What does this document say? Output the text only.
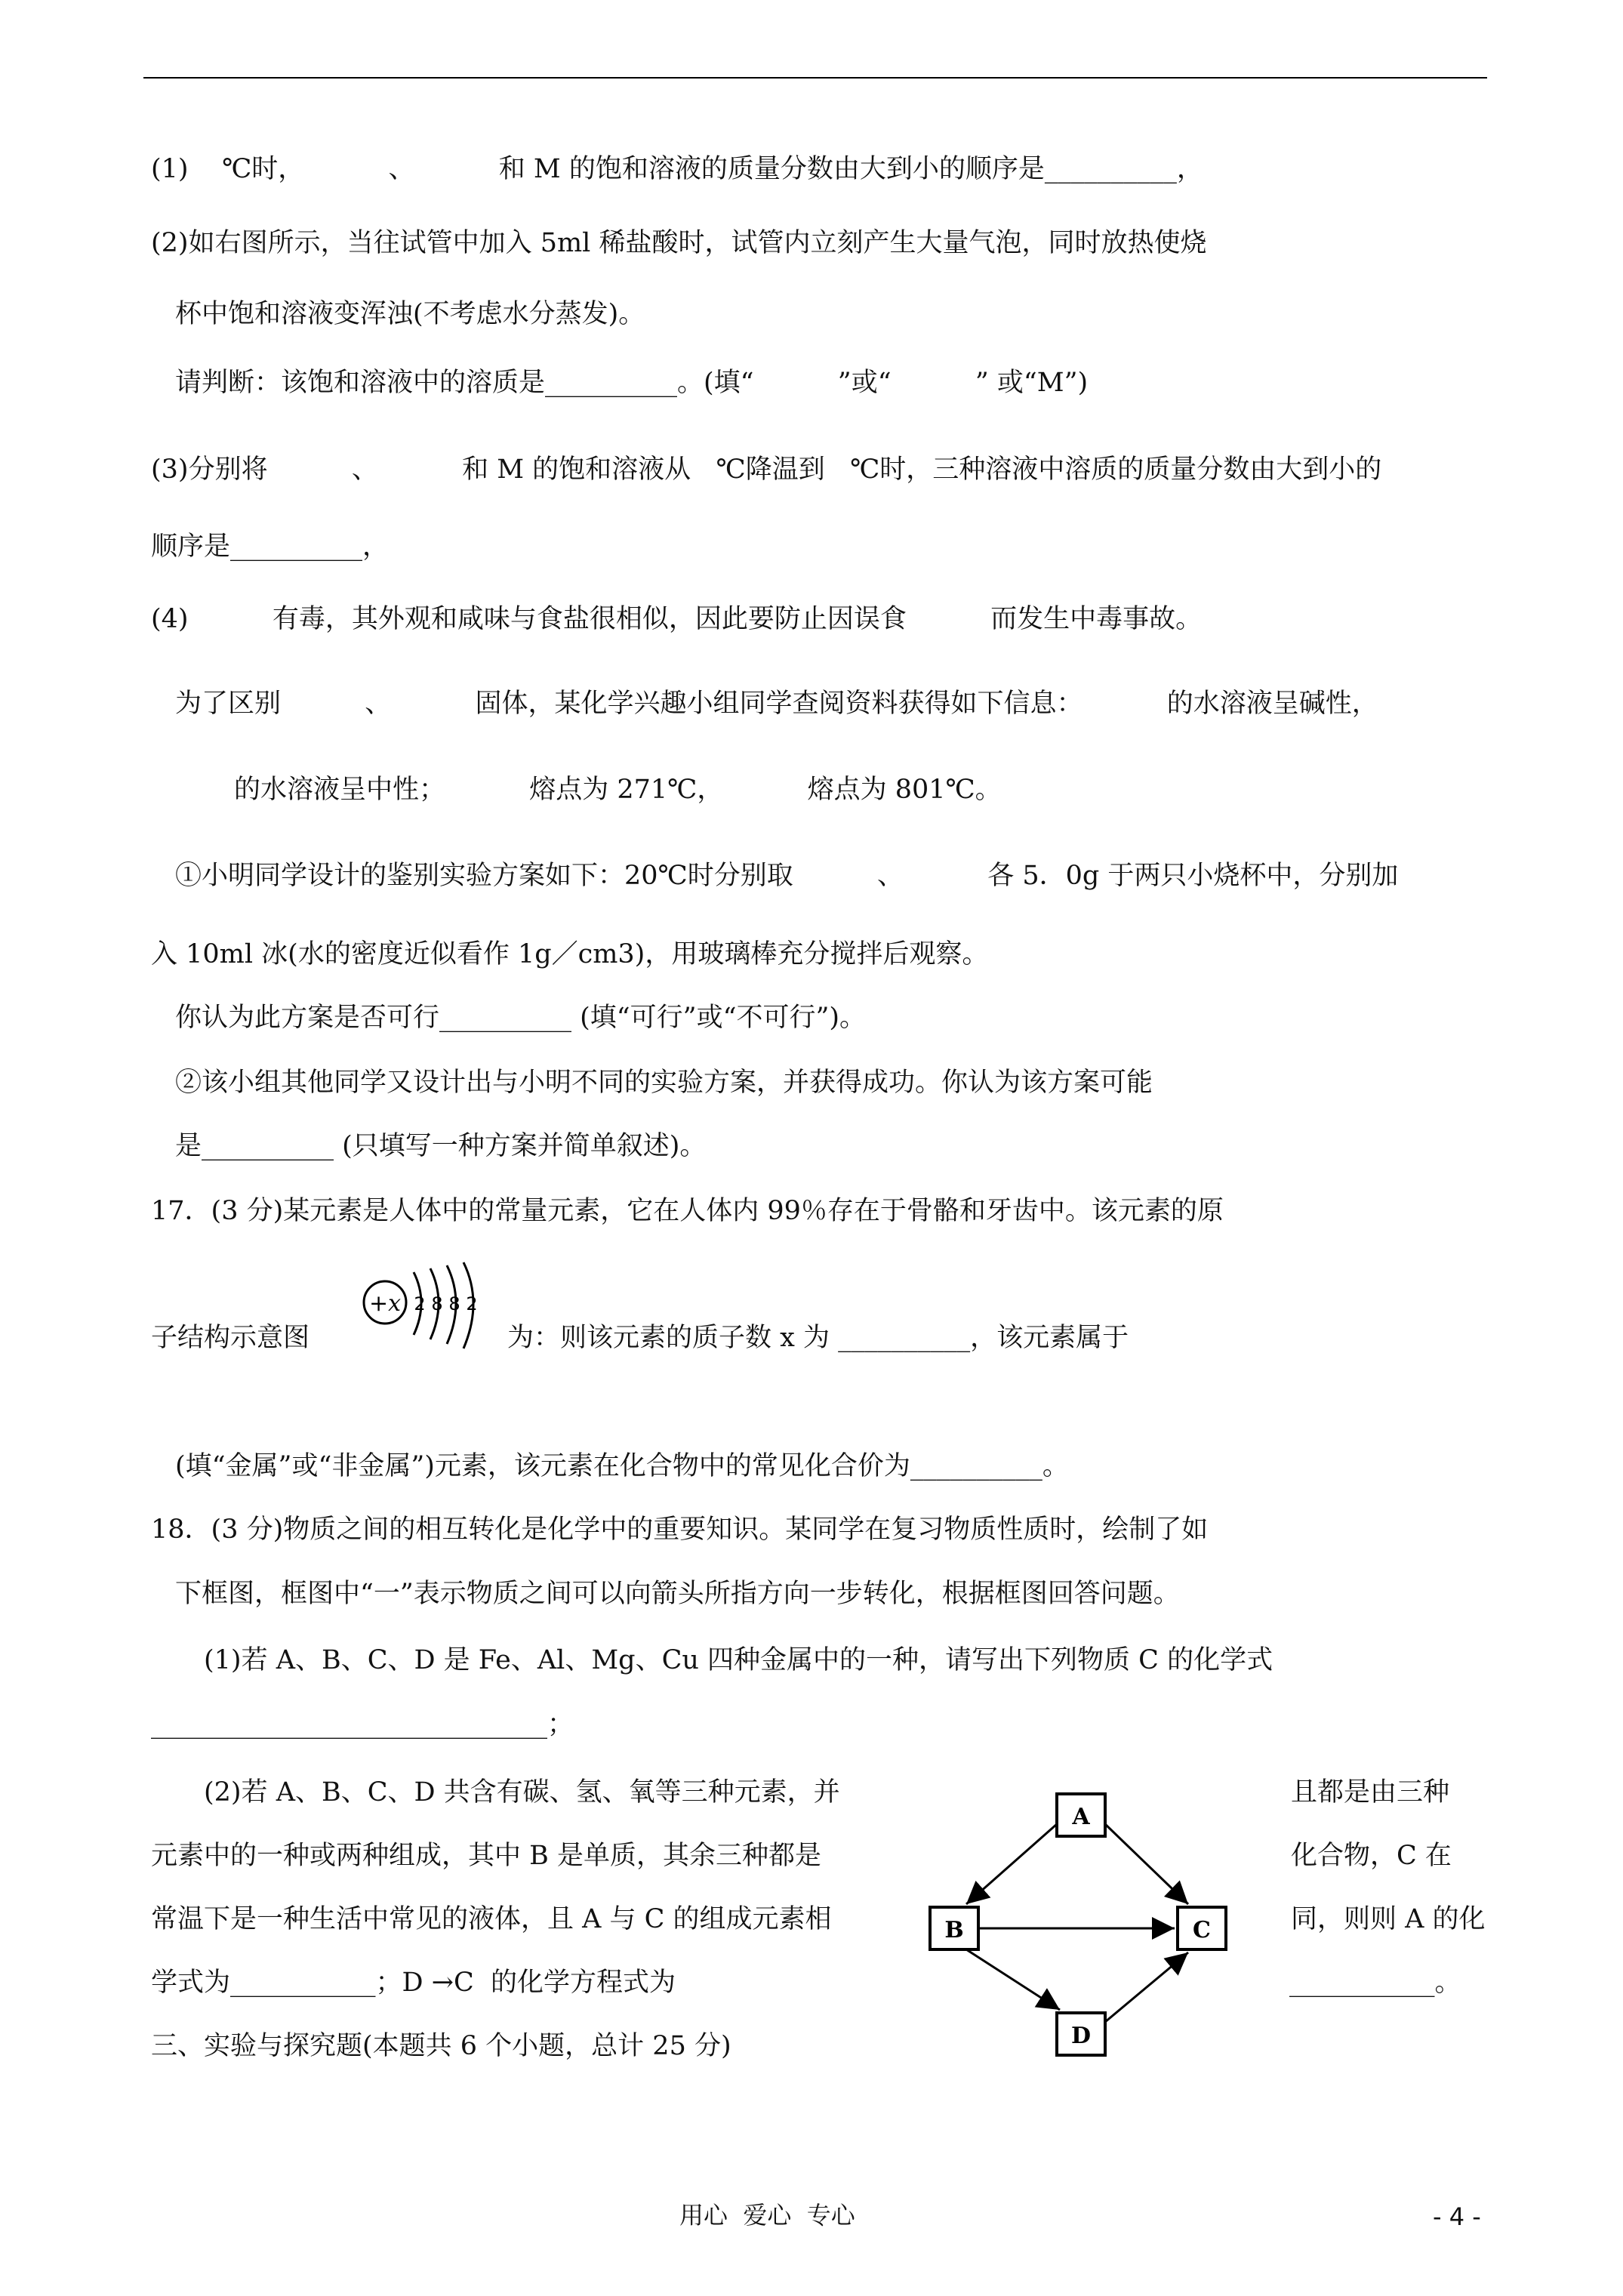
(1)    ℃时，          、          和 M 的饱和溶液的质量分数由大到小的顺序是__________，
(2)如右图所示，当往试管中加入 5ml 稀盐酸时，试管内立刻产生大量气泡，同时放热使烧
杯中饱和溶液变浑浊(不考虑水分蒸发)。
请判断：该饱和溶液中的溶质是__________。(填“          ”或“          ” 或“M”)
(3)分别将          、          和 M 的饱和溶液从   ℃降温到   ℃时，三种溶液中溶质的质量分数由大到小的
顺序是__________，
(4)          有毒，其外观和咸味与食盐很相似，因此要防止因误食          而发生中毒事故。
为了区别          、          固体，某化学兴趣小组同学查阅资料获得如下信息：          的水溶液呈碱性，
的水溶液呈中性；          熔点为 271℃，          熔点为 801℃。
①小明同学设计的鉴别实验方案如下：20℃时分别取          、          各 5．0g 于两只小烧杯中，分别加
入 10ml 冰(水的密度近似看作 1g／cm3)，用玻璃棒充分搅拌后观察。
你认为此方案是否可行__________ (填“可行”或“不可行”)。
②该小组其他同学又设计出与小明不同的实验方案，并获得成功。你认为该方案可能
是__________ (只填写一种方案并简单叙述)。
17．(3 分)某元素是人体中的常量元素，它在人体内 99％存在于骨骼和牙齿中。该元素的原
子结构示意图
+x 2 8 8 2
为：则该元素的质子数 x 为 __________，该元素属于
(填“金属”或“非金属”)元素，该元素在化合物中的常见化合价为__________。
18．(3 分)物质之间的相互转化是化学中的重要知识。某同学在复习物质性质时，绘制了如
下框图，框图中“一”表示物质之间可以向箭头所指方向一步转化，根据框图回答问题。
(1)若 A、B、C、D 是 Fe、Al、Mg、Cu 四种金属中的一种，请写出下列物质 C 的化学式
______________________________；
(2)若 A、B、C、D 共含有碳、氢、氧等三种元素，并	且都是由三种
元素中的一种或两种组成，其中 B 是单质，其余三种都是	化合物，C 在
常温下是一种生活中常见的液体，且 A 与 C 的组成元素相	同，则则 A 的化
学式为___________；D →C  的化学方程式为	___________。
A
B	C
D
三、实验与探究题(本题共 6 个小题，总计 25 分)
用心  爱心  专心	- 4 -
